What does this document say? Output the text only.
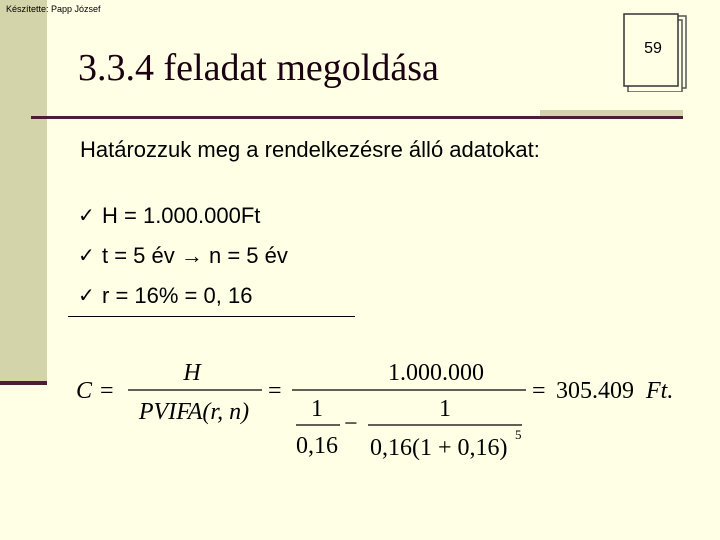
Készítette: Papp József
3.3.4 feladat megoldása	59
Határozzuk meg a rendelkezésre álló adatokat:
✓ H = 1.000.000Ft
✓ t = 5 év → n = 5 év
✓ r = 16% = 0, 16
C =
H
PVIFA(r, n)
=
1.000.000
1
0,16
−
1
0,16(1 + 0,16)
5
= 305.409 Ft.
